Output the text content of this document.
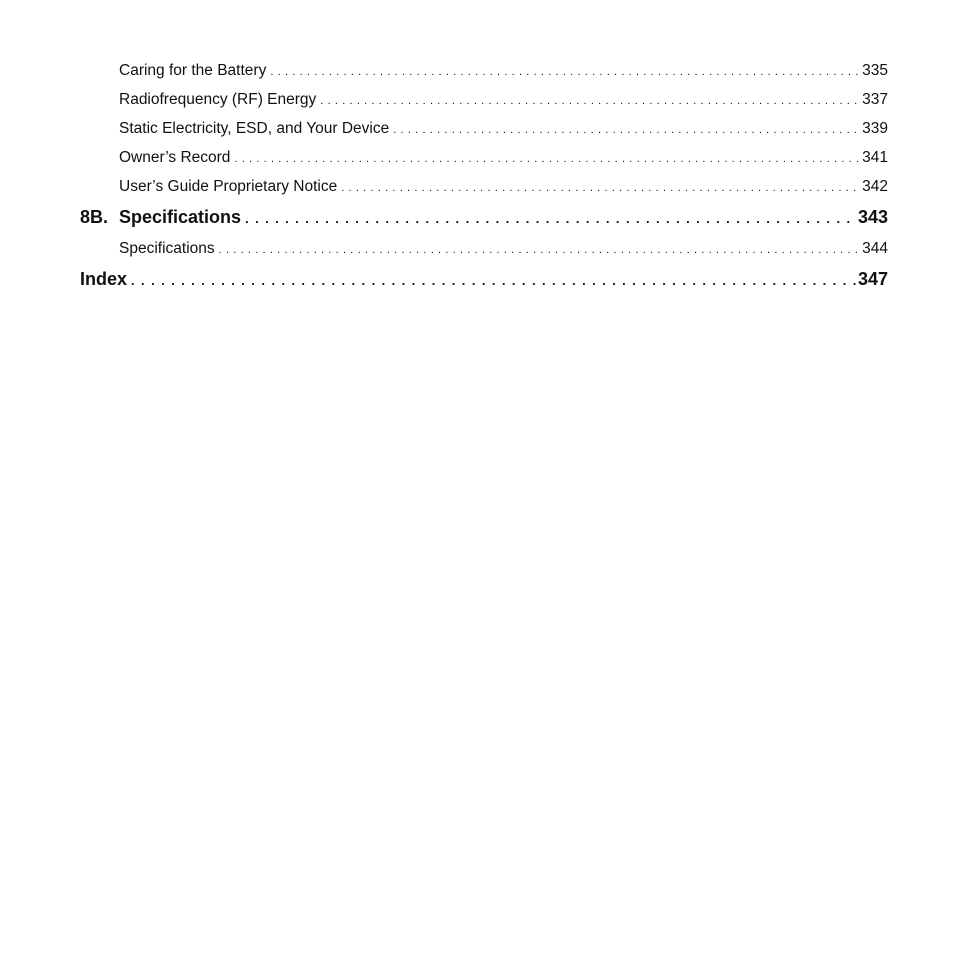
Caring for the Battery . . .	335
Radiofrequency (RF) Energy . . .	337
Static Electricity, ESD, and Your Device . . .	339
Owner’s Record . . .	341
User’s Guide Proprietary Notice . . .	342
8B. Specifications . . .	343
Specifications . . .	344
Index . . .	347
